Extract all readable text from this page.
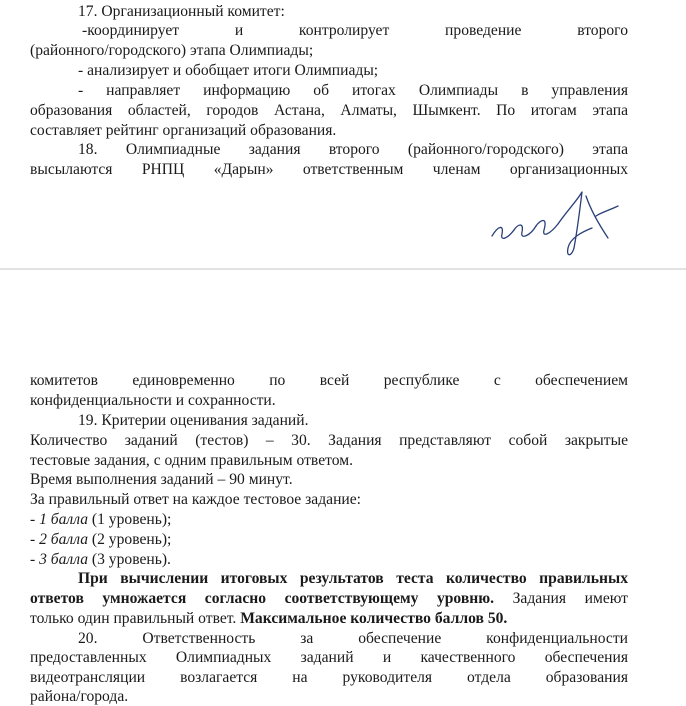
17. Организационный комитет:
-координирует и контролирует проведение второго
(районного/городского) этапа Олимпиады;
- анализирует и обобщает итоги Олимпиады;
- направляет информацию об итогах Олимпиады в управления
образования областей, городов Астана, Алматы, Шымкент. По итогам этапа
составляет рейтинг организаций образования.
18. Олимпиадные задания второго (районного/городского) этапа
высылаются РНПЦ «Дарын» ответственным членам организационных
комитетов единовременно по всей республике с обеспечением
конфиденциальности и сохранности.
19. Критерии оценивания заданий.
Количество заданий (тестов) – 30. Задания представляют собой закрытые
тестовые задания, с одним правильным ответом.
Время выполнения заданий – 90 минут.
За правильный ответ на каждое тестовое задание:
- 1 балла (1 уровень);
- 2 балла (2 уровень);
- 3 балла (3 уровень).
При вычислении итоговых результатов теста количество правильных
ответов умножается согласно соответствующему уровню. Задания имеют
только один правильный ответ. Максимальное количество баллов 50.
20. Ответственность за обеспечение конфиденциальности
предоставленных Олимпиадных заданий и качественного обеспечения
видеотрансляции возлагается на руководителя отдела образования
района/города.
